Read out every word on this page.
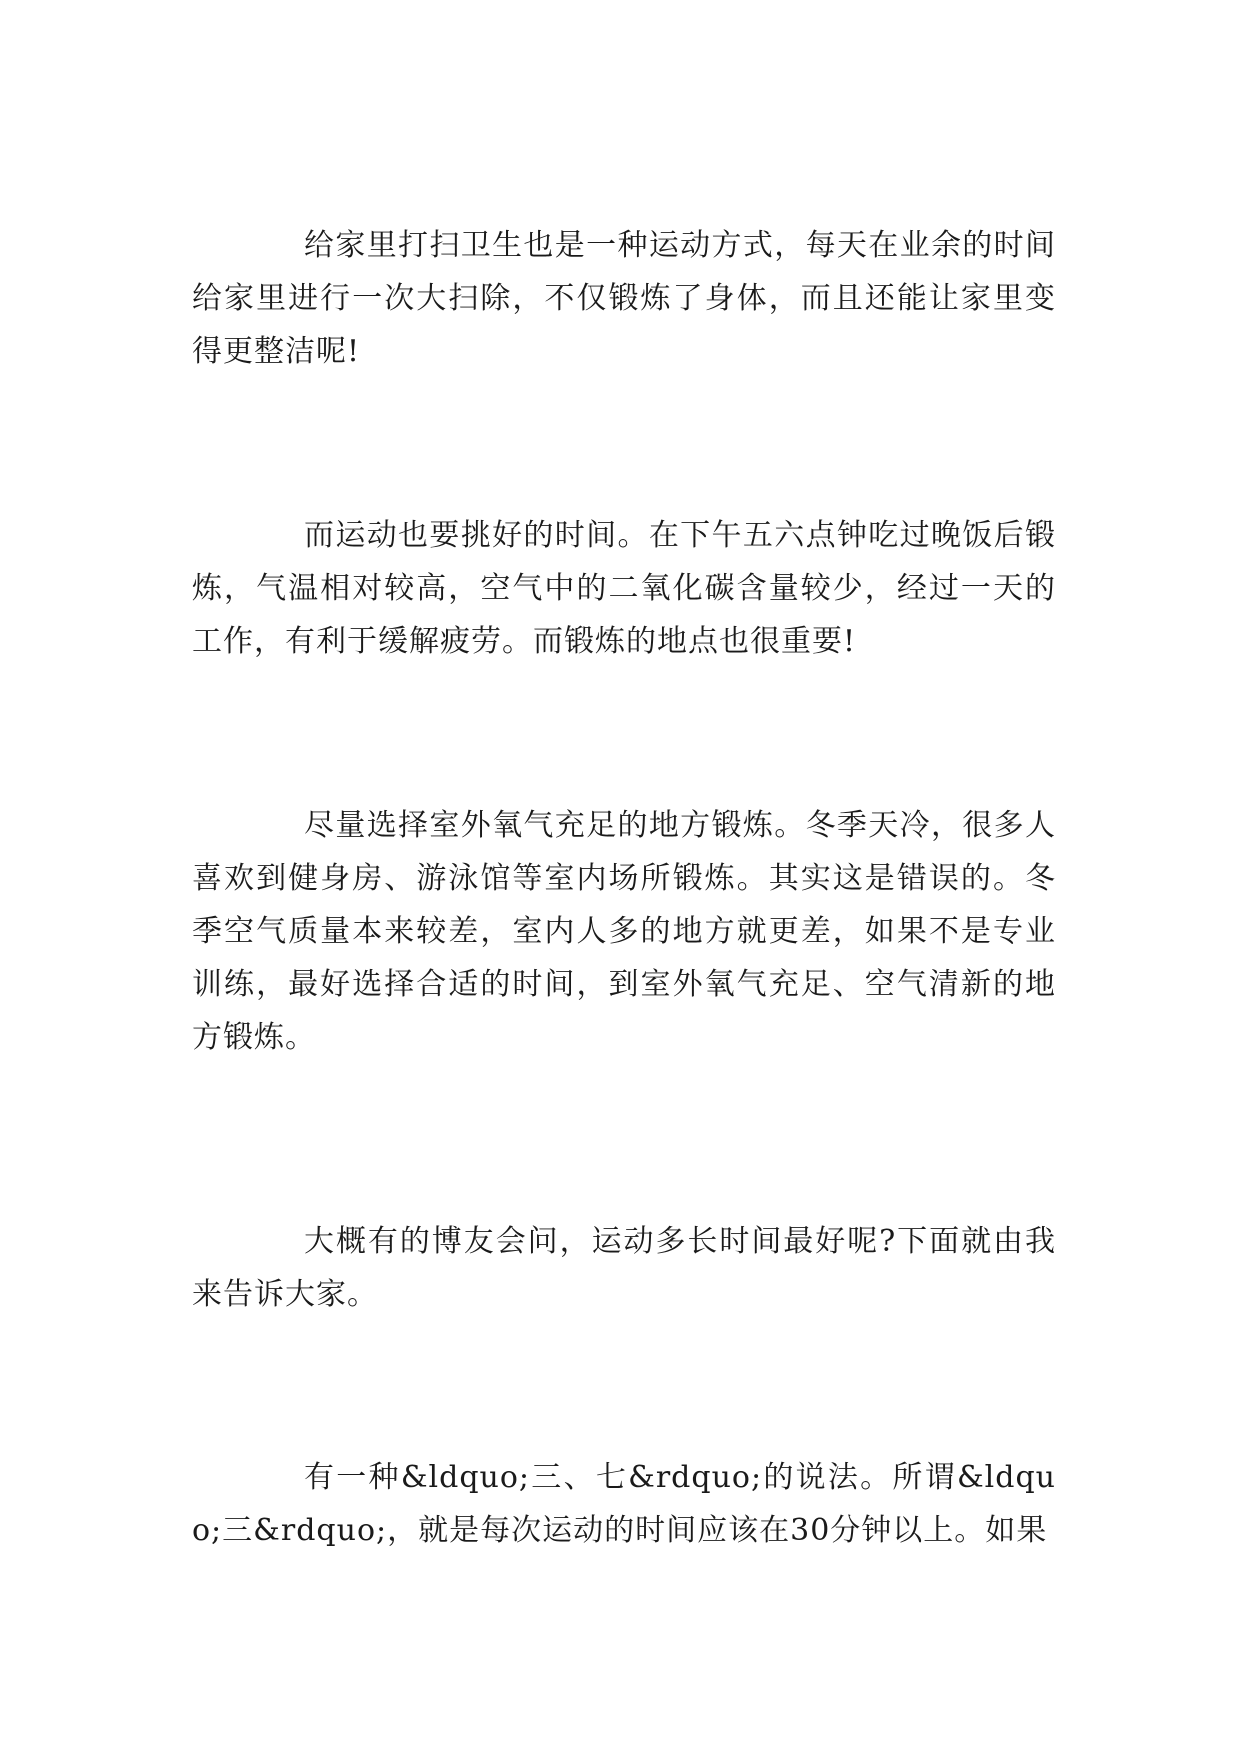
给家里打扫卫生也是一种运动方式，每天在业余的时间给家里进行一次大扫除，不仅锻炼了身体，而且还能让家里变得更整洁呢!

而运动也要挑好的时间。在下午五六点钟吃过晚饭后锻炼，气温相对较高，空气中的二氧化碳含量较少，经过一天的工作，有利于缓解疲劳。而锻炼的地点也很重要!

尽量选择室外氧气充足的地方锻炼。冬季天冷，很多人喜欢到健身房、游泳馆等室内场所锻炼。其实这是错误的。冬季空气质量本来较差，室内人多的地方就更差，如果不是专业训练，最好选择合适的时间，到室外氧气充足、空气清新的地方锻炼。

大概有的博友会问，运动多长时间最好呢?下面就由我来告诉大家。

有一种&ldquo;三、七&rdquo;的说法。所谓&ldquo;三&rdquo;，就是每次运动的时间应该在30分钟以上。如果
